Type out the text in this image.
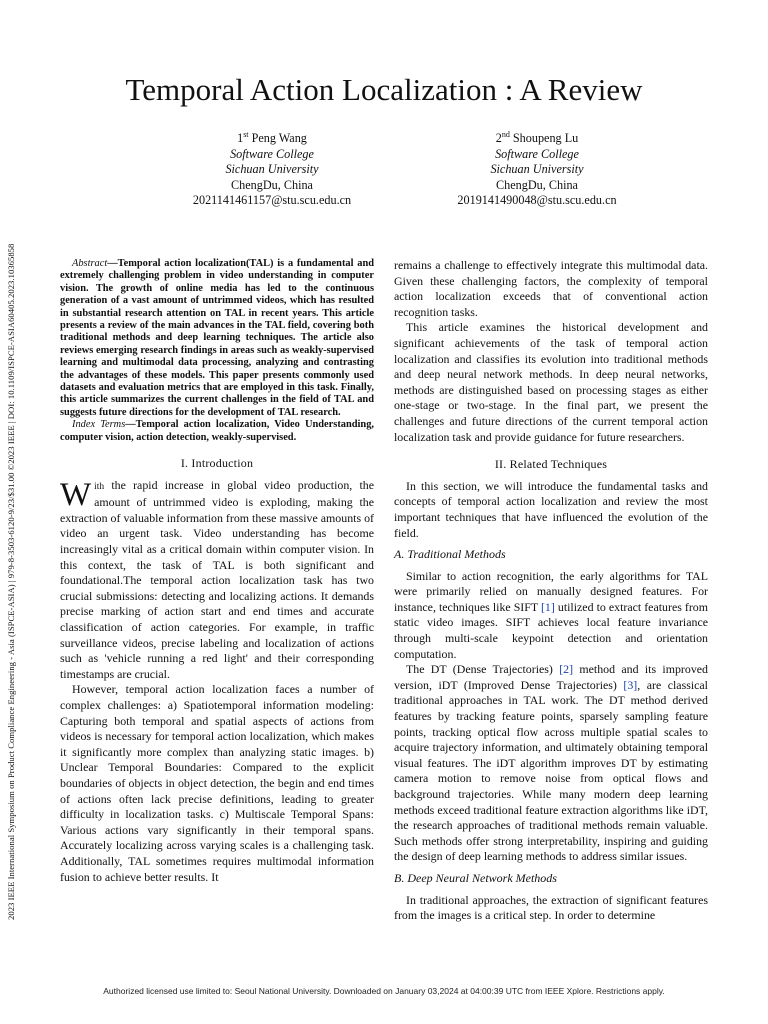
2023 IEEE International Symposium on Product Compliance Engineering - Asia (ISPCE-ASIA) | 979-8-3503-6120-9/23/$31.00 ©2023 IEEE | DOI: 10.1109/ISPCE-ASIA60405.2023.10365858
Temporal Action Localization : A Review
1st Peng Wang
Software College
Sichuan University
ChengDu, China
2021141461157@stu.scu.edu.cn
2nd Shoupeng Lu
Software College
Sichuan University
ChengDu, China
2019141490048@stu.scu.edu.cn

Abstract—Temporal action localization(TAL) is a fundamental and extremely challenging problem in video understanding in computer vision. The growth of online media has led to the continuous generation of a vast amount of untrimmed videos, which has resulted in substantial research attention on TAL in recent years. This article presents a review of the main advances in the TAL field, covering both traditional methods and deep learning techniques. The article also reviews emerging research findings in areas such as weakly-supervised learning and multimodal data processing, analyzing and contrasting the advantages of these models. This paper presents commonly used datasets and evaluation metrics that are employed in this task. Finally, this article summarizes the current challenges in the field of TAL and suggests future directions for the development of TAL research.

Index Terms—Temporal action localization, Video Understanding, computer vision, action detection, weakly-supervised.

I. Introduction

With the rapid increase in global video production, the amount of untrimmed video is exploding, making the extraction of valuable information from these massive amounts of video an urgent task. Video understanding has become increasingly vital as a critical domain within computer vision. In this context, the task of TAL is both significant and foundational.The temporal action localization task has two crucial submissions: detecting and localizing actions. It demands precise marking of action start and end times and accurate classification of action categories. For example, in traffic surveillance videos, precise labeling and localization of actions such as 'vehicle running a red light' and their corresponding timestamps are crucial.

However, temporal action localization faces a number of complex challenges: a) Spatiotemporal information modeling: Capturing both temporal and spatial aspects of actions from videos is necessary for temporal action localization, which makes it significantly more complex than analyzing static images. b) Unclear Temporal Boundaries: Compared to the explicit boundaries of objects in object detection, the begin and end times of actions often lack precise definitions, leading to greater difficulty in localization tasks. c) Multiscale Temporal Spans: Various actions vary significantly in their temporal spans. Accurately localizing across varying scales is a challenging task. Additionally, TAL sometimes requires multimodal information fusion to achieve better results. It

remains a challenge to effectively integrate this multimodal data. Given these challenging factors, the complexity of temporal action localization exceeds that of conventional action recognition tasks.

This article examines the historical development and significant achievements of the task of temporal action localization and classifies its evolution into traditional methods and deep neural network methods. In deep neural networks, methods are distinguished based on processing stages as either one-stage or two-stage. In the final part, we present the challenges and future directions of the current temporal action localization task and provide guidance for future researchers.

II. Related Techniques

In this section, we will introduce the fundamental tasks and concepts of temporal action localization and review the most important techniques that have influenced the evolution of the field.

A. Traditional Methods

Similar to action recognition, the early algorithms for TAL were primarily relied on manually designed features. For instance, techniques like SIFT [1] utilized to extract features from static video images. SIFT achieves local feature invariance through multi-scale keypoint detection and orientation computation.

The DT (Dense Trajectories) [2] method and its improved version, iDT (Improved Dense Trajectories) [3], are classical traditional approaches in TAL work. The DT method derived features by tracking feature points, sparsely sampling feature points, tracking optical flow across multiple spatial scales to acquire trajectory information, and ultimately obtaining temporal visual features. The iDT algorithm improves DT by estimating camera motion to remove noise from optical flows and background trajectories. While many modern deep learning methods exceed traditional feature extraction algorithms like iDT, the research approaches of traditional methods remain valuable. Such methods offer strong interpretability, inspiring and guiding the design of deep learning methods to address similar issues.

B. Deep Neural Network Methods

In traditional approaches, the extraction of significant features from the images is a critical step. In order to determine

Authorized licensed use limited to: Seoul National University. Downloaded on January 03,2024 at 04:00:39 UTC from IEEE Xplore. Restrictions apply.
